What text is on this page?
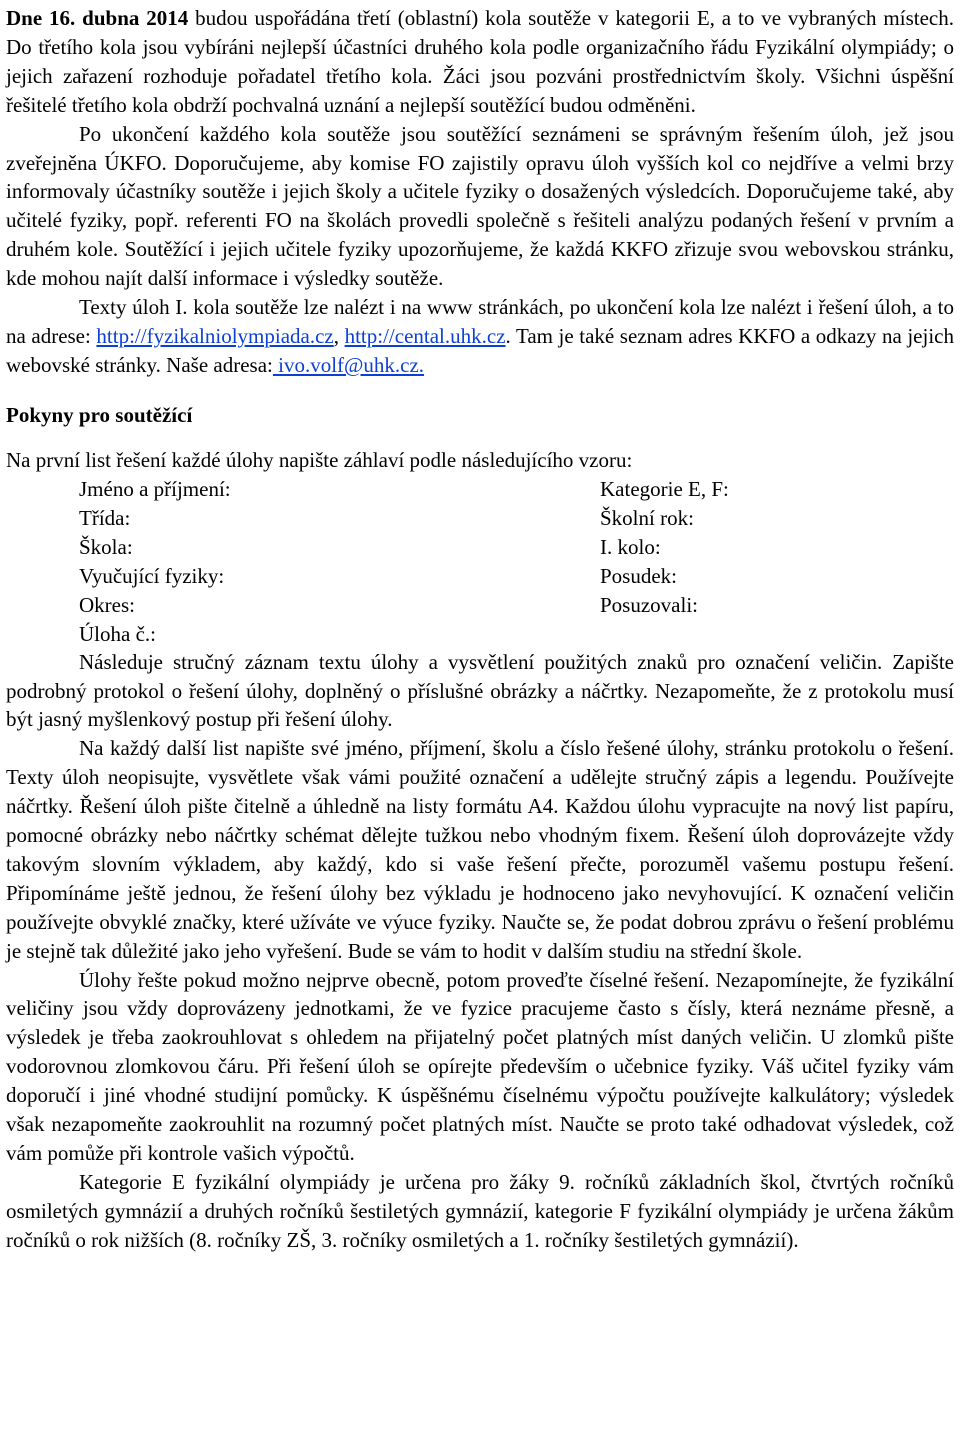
Dne 16. dubna 2014 budou uspořádána třetí (oblastní) kola soutěže v kategorii E, a to ve vybraných místech. Do třetího kola jsou vybíráni nejlepší účastníci druhého kola podle organizačního řádu Fyzikální olympiády; o jejich zařazení rozhoduje pořadatel třetího kola. Žáci jsou pozváni prostřednictvím školy. Všichni úspěšní řešitelé třetího kola obdrží pochvalná uznání a nejlepší soutěžící budou odměněni.

Po ukončení každého kola soutěže jsou soutěžící seznámeni se správným řešením úloh, jež jsou zveřejněna ÚKFO. Doporučujeme, aby komise FO zajistily opravu úloh vyšších kol co nejdříve a velmi brzy informovaly účastníky soutěže i jejich školy a učitele fyziky o dosažených výsledcích. Doporučujeme také, aby učitelé fyziky, popř. referenti FO na školách provedli společně s řešiteli analýzu podaných řešení v prvním a druhém kole. Soutěžící i jejich učitele fyziky upozorňujeme, že každá KKFO zřizuje svou webovskou stránku, kde mohou najít další informace i výsledky soutěže.

Texty úloh I. kola soutěže lze nalézt i na www stránkách, po ukončení kola lze nalézt i řešení úloh, a to na adrese: http://fyzikalniolympiada.cz, http://cental.uhk.cz. Tam je také seznam adres KKFO a odkazy na jejich webovské stránky. Naše adresa: ivo.volf@uhk.cz.

Pokyny pro soutěžící

Na první list řešení každé úlohy napište záhlaví podle následujícího vzoru:

Jméno a příjmení:	Kategorie E, F:
Třída:	Školní rok:
Škola:	I. kolo:
Vyučující fyziky:	Posudek:
Okres:	Posuzovali:
Úloha č.:

Následuje stručný záznam textu úlohy a vysvětlení použitých znaků pro označení veličin. Zapište podrobný protokol o řešení úlohy, doplněný o příslušné obrázky a náčrtky. Nezapomeňte, že z protokolu musí být jasný myšlenkový postup při řešení úlohy.

Na každý další list napište své jméno, příjmení, školu a číslo řešené úlohy, stránku protokolu o řešení. Texty úloh neopisujte, vysvětlete však vámi použité označení a udělejte stručný zápis a legendu. Používejte náčrtky. Řešení úloh pište čitelně a úhledně na listy formátu A4. Každou úlohu vypracujte na nový list papíru, pomocné obrázky nebo náčrtky schémat dělejte tužkou nebo vhodným fixem. Řešení úloh doprovázejte vždy takovým slovním výkladem, aby každý, kdo si vaše řešení přečte, porozuměl vašemu postupu řešení. Připomínáme ještě jednou, že řešení úlohy bez výkladu je hodnoceno jako nevyhovující. K označení veličin používejte obvyklé značky, které užíváte ve výuce fyziky. Naučte se, že podat dobrou zprávu o řešení problému je stejně tak důležité jako jeho vyřešení. Bude se vám to hodit v dalším studiu na střední škole.

Úlohy řešte pokud možno nejprve obecně, potom proveďte číselné řešení. Nezapomínejte, že fyzikální veličiny jsou vždy doprovázeny jednotkami, že ve fyzice pracujeme často s čísly, která neznáme přesně, a výsledek je třeba zaokrouhlovat s ohledem na přijatelný počet platných míst daných veličin. U zlomků pište vodorovnou zlomkovou čáru. Při řešení úloh se opírejte především o učebnice fyziky. Váš učitel fyziky vám doporučí i jiné vhodné studijní pomůcky. K úspěšnému číselnému výpočtu používejte kalkulátory; výsledek však nezapomeňte zaokrouhlit na rozumný počet platných míst. Naučte se proto také odhadovat výsledek, což vám pomůže při kontrole vašich výpočtů.

Kategorie E fyzikální olympiády je určena pro žáky 9. ročníků základních škol, čtvrtých ročníků osmiletých gymnázií a druhých ročníků šestiletých gymnázií, kategorie F fyzikální olympiády je určena žákům ročníků o rok nižších (8. ročníky ZŠ, 3. ročníky osmiletých a 1. ročníky šestiletých gymnázií).
